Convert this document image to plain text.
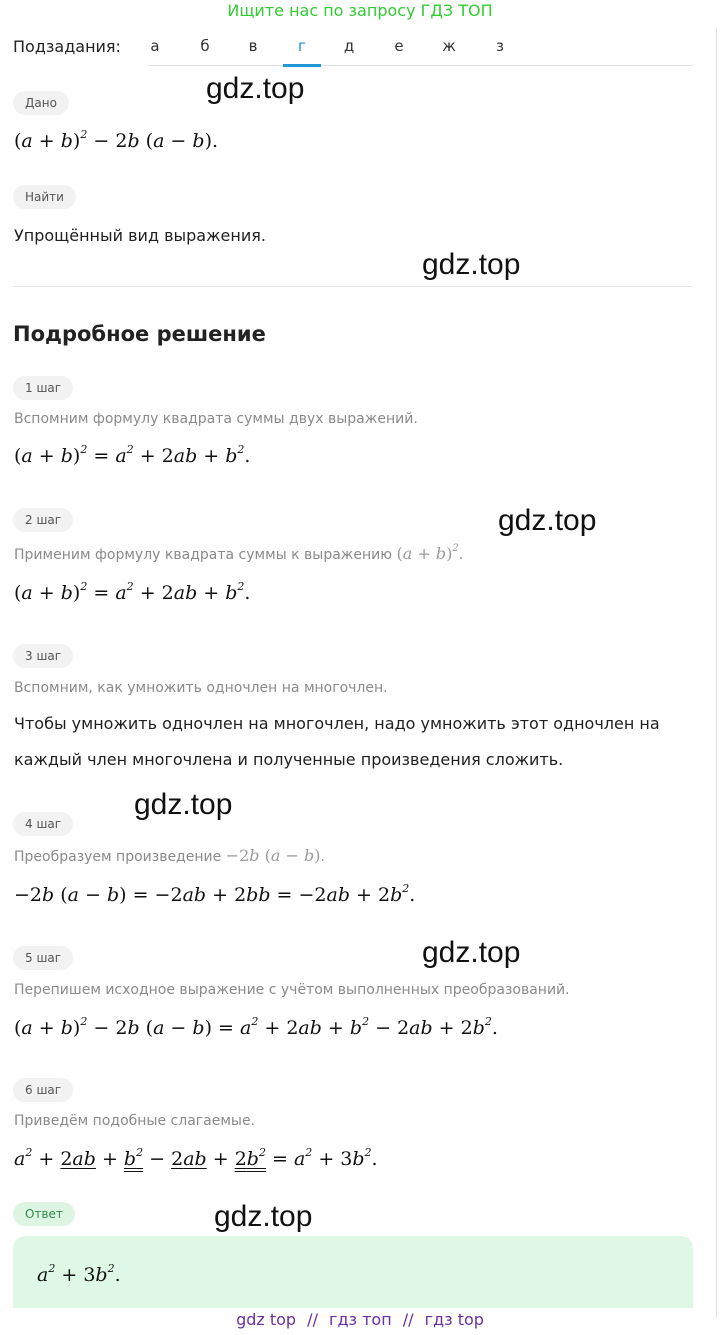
Ищите нас по запросу ГДЗ ТОП
Подзадания:	а	б	в	г	д	е	ж	з
Дано
$(a + b)^2 - 2b$ (a − b).
Найти
Упрощённый вид выражения.
Подробное решение
1 шаг
Вспомним формулу квадрата суммы двух выражений.
$(a + b)^2 = a^2 + 2ab + b^2$.
2 шаг
Применим формулу квадрата суммы к выражению $(a + b)^2$.
$(a + b)^2 = a^2 + 2ab + b^2$.
3 шаг
Вспомним, как умножить одночлен на многочлен.
Чтобы умножить одночлен на многочлен, надо умножить этот одночлен на
каждый член многочлена и полученные произведения сложить.
4 шаг
Преобразуем произведение −2b (a − b).
−2b $(a - b) = -2ab + 2bb = -2ab + 2b^2$.
5 шаг
Перепишем исходное выражение с учётом выполненных преобразований.
$(a + b)^2 - 2b$ $(a - b) = a^2 + 2ab + b^2 - 2ab + 2b^2$.
6 шаг
Приведём подобные слагаемые.
$a^2 + 2ab + b^2 - 2ab + 2b^2 = a^2 + 3b^2$.
Ответ
$a^2 + 3b^2$.
gdz.top
gdz.top
gdz.top
gdz.top
gdz.top
gdz.top
gdz top // гдз топ // гдз top
